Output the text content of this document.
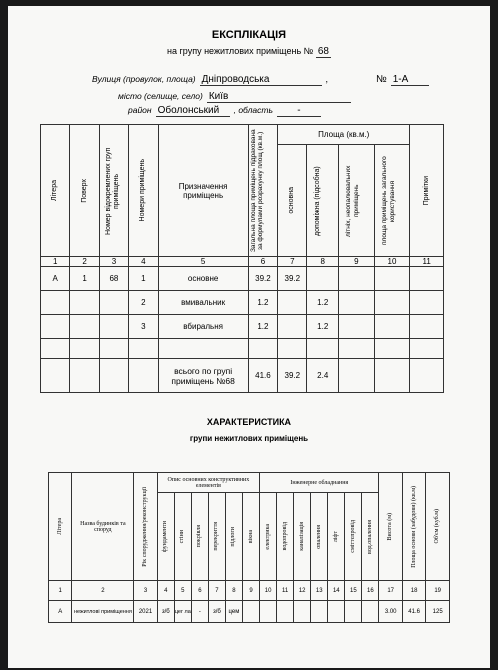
ЕКСПЛІКАЦІЯ
на групу нежитлових приміщень № 68
Вулиця (провулок, площа) Дніпроводська	,	№ 1-А
місто (селище, село) Київ
район Оболонський , область -
Літера	Поверх	Номер відокремлених груп приміщень	Номери приміщень	Призначення приміщень	Загальна площа приміщень підрахована за формулами розрахунку площ (кв.м.)	Площа (кв.м.)				Примітки

						основна	допоміжна (підсобна)	літніх, неопалювальних приміщень	площа приміщень загального користування	

1	2	3	4	5	6	7	8	9	10	11
А	1	68	1	основне	39.2	39.2				
			2	вмивальник	1.2		1.2			
			3	вбиральня	1.2		1.2			

				всього по групі
приміщень №68	41.6	39.2	2.4			
ХАРАКТЕРИСТИКА
групи нежитлових приміщень
Літера	Назва будинків та споруд	Рік спорудження/реконструкції	Опис основних конструктивних елементів						Інженерне обладнання							Висота (м)	Площа основи (забудови) (кв.м)	Об'єм (куб.м)

			фундаменти	стіни	покрівля	перекриття	підлоги	вікна	електрика	водопровід	каналізація	опалення	ліфт	сміттєпровід	вод.опалення			

1	2	3	4	5	6	7	8	9	10	11	12	13	14	15	16	17	18	19
А	нежитлові приміщення	2021	з/б	цег ла	-	з/б	цем									3.00	41.6	125
